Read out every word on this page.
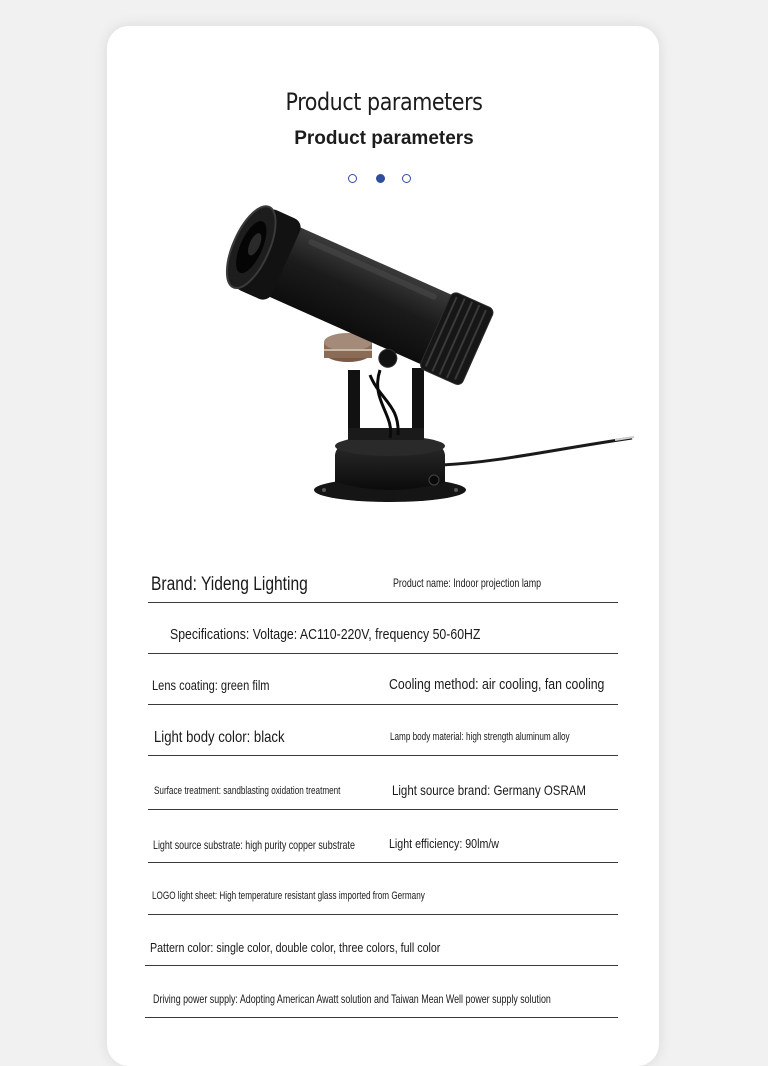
Product parameters
Product parameters
Brand: Yideng Lighting	Product name: Indoor projection lamp
Specifications: Voltage: AC110-220V, frequency 50-60HZ
Lens coating: green film	Cooling method: air cooling, fan cooling
Light body color: black	Lamp body material: high strength aluminum alloy
Surface treatment: sandblasting oxidation treatment	Light source brand: Germany OSRAM
Light source substrate: high purity copper substrate	Light efficiency: 90lm/w
LOGO light sheet: High temperature resistant glass imported from Germany
Pattern color: single color, double color, three colors, full color
Driving power supply: Adopting American Awatt solution and Taiwan Mean Well power supply solution
